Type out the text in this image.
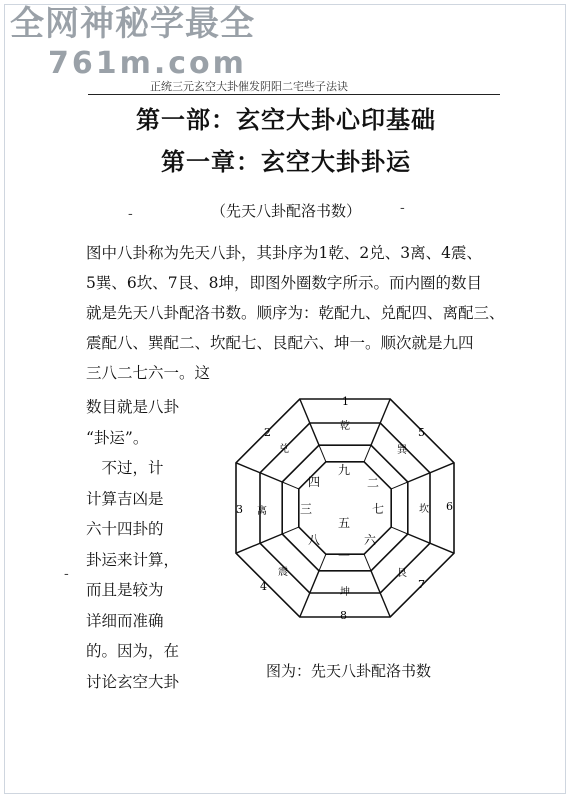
全网神秘学最全
761m.com
正统三元玄空大卦催发阴阳二宅些子法诀
第一部：玄空大卦心印基础
第一章：玄空大卦卦运
-	（先天八卦配洛书数）	-

图中八卦称为先天八卦，其卦序为1乾、2兑、3离、4震、

5巽、6坎、7艮、8坤，即图外圈数字所示。而内圈的数目

就是先天八卦配洛书数。顺序为：乾配九、兑配四、离配三、

震配八、巽配二、坎配七、艮配六、坤一。顺次就是九四

三八二七六一。这

数目就是八卦
“卦运”。
　不过，计
计算吉凶是
六十四卦的
卦运来计算，
而且是较为
详细而准确
的。因为，在
讨论玄空大卦
-
1
5
6
7
8
4
3
2	乾
巽
坎
艮
坤
震
离
兑
九
二
七
六
一
八
三
四
五
图为：先天八卦配洛书数
